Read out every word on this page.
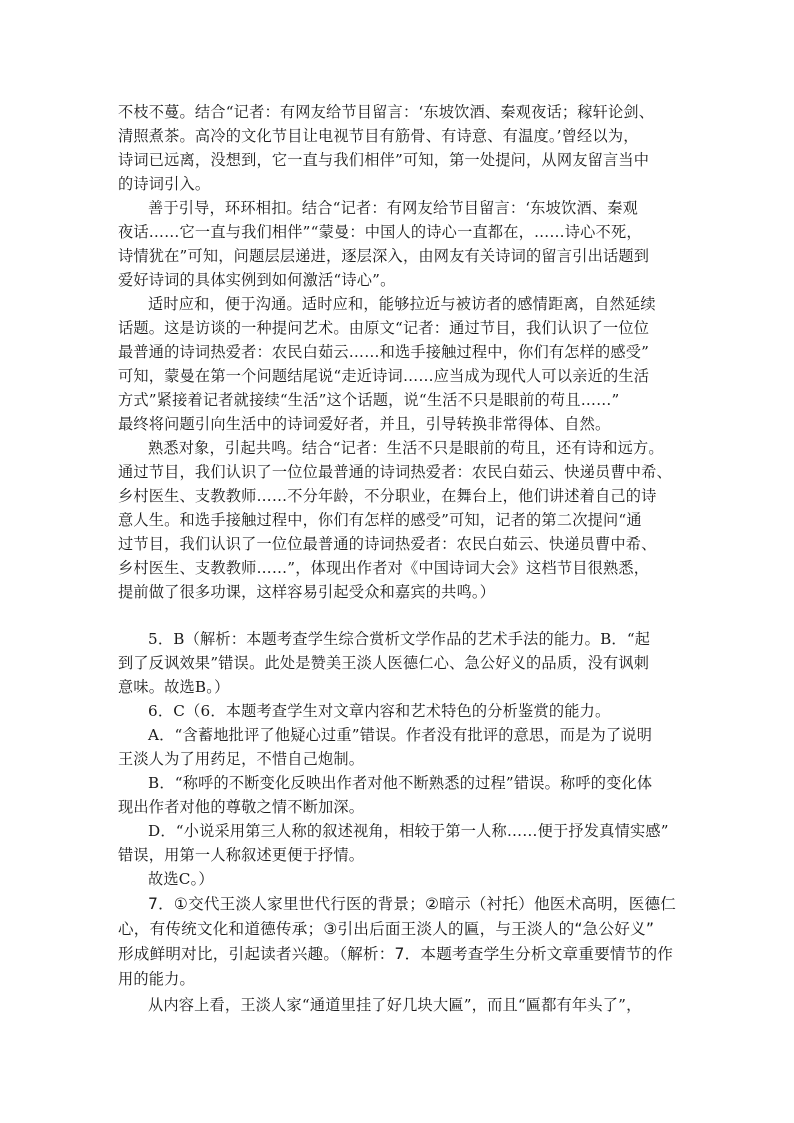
不枝不蔓。结合“记者：有网友给节目留言：‘东坡饮酒、秦观夜话；稼轩论剑、
清照煮茶。高冷的文化节目让电视节目有筋骨、有诗意、有温度。’曾经以为，
诗词已远离，没想到，它一直与我们相伴”可知，第一处提问，从网友留言当中
的诗词引入。
善于引导，环环相扣。结合“记者：有网友给节目留言：‘东坡饮酒、秦观
夜话……它一直与我们相伴”“蒙曼：中国人的诗心一直都在，……诗心不死，
诗情犹在”可知，问题层层递进，逐层深入，由网友有关诗词的留言引出话题到
爱好诗词的具体实例到如何激活“诗心”。
适时应和，便于沟通。适时应和，能够拉近与被访者的感情距离，自然延续
话题。这是访谈的一种提问艺术。由原文“记者：通过节目，我们认识了一位位
最普通的诗词热爱者：农民白茹云……和选手接触过程中，你们有怎样的感受”
可知，蒙曼在第一个问题结尾说“走近诗词……应当成为现代人可以亲近的生活
方式”紧接着记者就接续“生活”这个话题，说“生活不只是眼前的苟且……”
最终将问题引向生活中的诗词爱好者，并且，引导转换非常得体、自然。
熟悉对象，引起共鸣。结合“记者：生活不只是眼前的苟且，还有诗和远方。
通过节目，我们认识了一位位最普通的诗词热爱者：农民白茹云、快递员曹中希、
乡村医生、支教教师……不分年龄，不分职业，在舞台上，他们讲述着自己的诗
意人生。和选手接触过程中，你们有怎样的感受”可知，记者的第二次提问“通
过节目，我们认识了一位位最普通的诗词热爱者：农民白茹云、快递员曹中希、
乡村医生、支教教师……”，体现出作者对《中国诗词大会》这档节目很熟悉，
提前做了很多功课，这样容易引起受众和嘉宾的共鸣。）
5．B（解析：本题考查学生综合赏析文学作品的艺术手法的能力。B．“起
到了反讽效果”错误。此处是赞美王淡人医德仁心、急公好义的品质，没有讽刺
意味。故选B。）
6．C（6．本题考查学生对文章内容和艺术特色的分析鉴赏的能力。
A．“含蓄地批评了他疑心过重”错误。作者没有批评的意思，而是为了说明
王淡人为了用药足，不惜自己炮制。
B．“称呼的不断变化反映出作者对他不断熟悉的过程”错误。称呼的变化体
现出作者对他的尊敬之情不断加深。
D．“小说采用第三人称的叙述视角，相较于第一人称……便于抒发真情实感”
错误，用第一人称叙述更便于抒情。
故选C。）
7．①交代王淡人家里世代行医的背景；②暗示（衬托）他医术高明，医德仁
心，有传统文化和道德传承；③引出后面王淡人的匾，与王淡人的“急公好义”
形成鲜明对比，引起读者兴趣。（解析：7．本题考查学生分析文章重要情节的作
用的能力。
从内容上看，王淡人家“通道里挂了好几块大匾”，而且“匾都有年头了”，
